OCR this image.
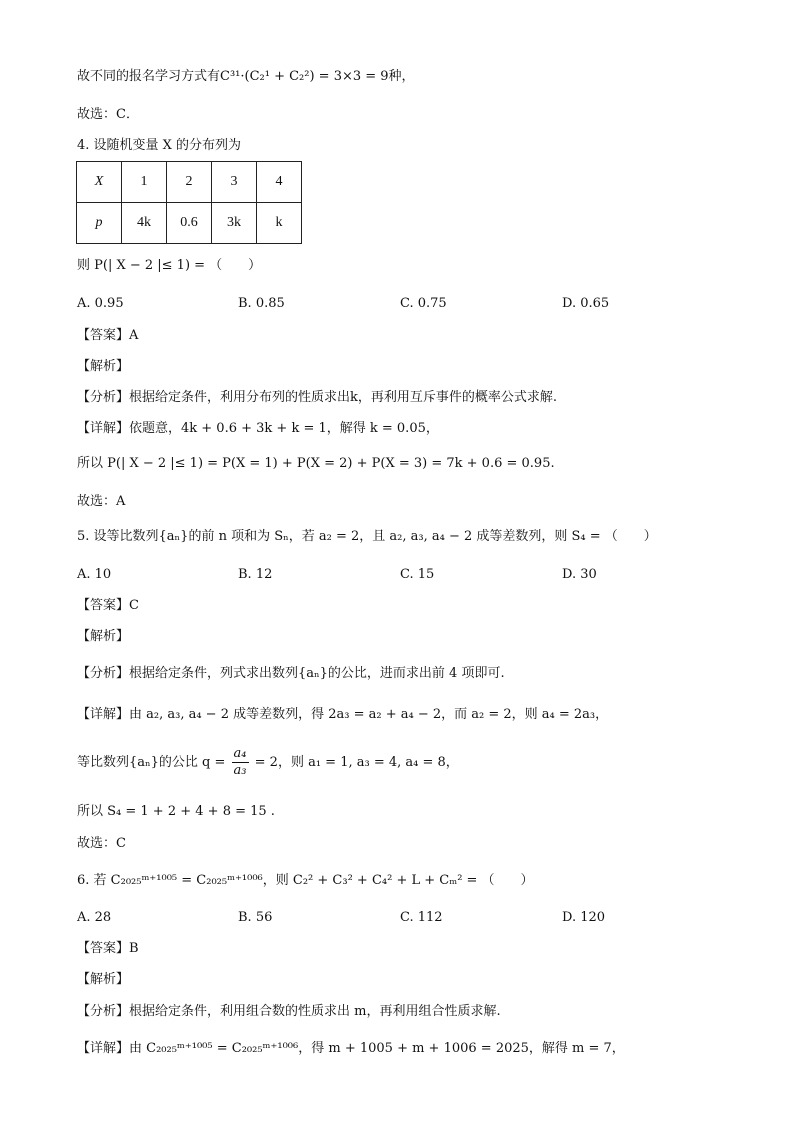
故不同的报名学习方式有C³¹·(C₂¹ + C₂²) = 3×3 = 9种，
故选：C．
4. 设随机变量 X 的分布列为
X	1	2	3	4
p	4k	0.6	3k	k
则 P(| X − 2 |≤ 1) = （　　）
A. 0.95	B. 0.85	C. 0.75	D. 0.65
【答案】A
【解析】
【分析】根据给定条件，利用分布列的性质求出k，再利用互斥事件的概率公式求解.
【详解】依题意，4k + 0.6 + 3k + k = 1，解得 k = 0.05，
所以 P(| X − 2 |≤ 1) = P(X = 1) + P(X = 2) + P(X = 3) = 7k + 0.6 = 0.95.
故选：A
5. 设等比数列{aₙ}的前 n 项和为 Sₙ，若 a₂ = 2，且 a₂, a₃, a₄ − 2 成等差数列，则 S₄ = （　　）
A. 10	B. 12	C. 15	D. 30
【答案】C
【解析】
【分析】根据给定条件，列式求出数列{aₙ}的公比，进而求出前 4 项即可.
【详解】由 a₂, a₃, a₄ − 2 成等差数列，得 2a₃ = a₂ + a₄ − 2，而 a₂ = 2，则 a₄ = 2a₃，
等比数列{aₙ}的公比 $q = \frac{\text{a₄}}{\text{a₃}} = 2$，则 a₁ = 1, a₃ = 4, a₄ = 8，
所以 S₄ = 1 + 2 + 4 + 8 = 15 .
故选：C
6. 若 C₂₀₂₅ᵐ⁺¹⁰⁰⁵ = C₂₀₂₅ᵐ⁺¹⁰⁰⁶，则 C₂² + C₃² + C₄² + L + Cₘ² = （　　）
A. 28	B. 56	C. 112	D. 120
【答案】B
【解析】
【分析】根据给定条件，利用组合数的性质求出 m，再利用组合性质求解.
【详解】由 C₂₀₂₅ᵐ⁺¹⁰⁰⁵ = C₂₀₂₅ᵐ⁺¹⁰⁰⁶，得 m + 1005 + m + 1006 = 2025，解得 m = 7，
